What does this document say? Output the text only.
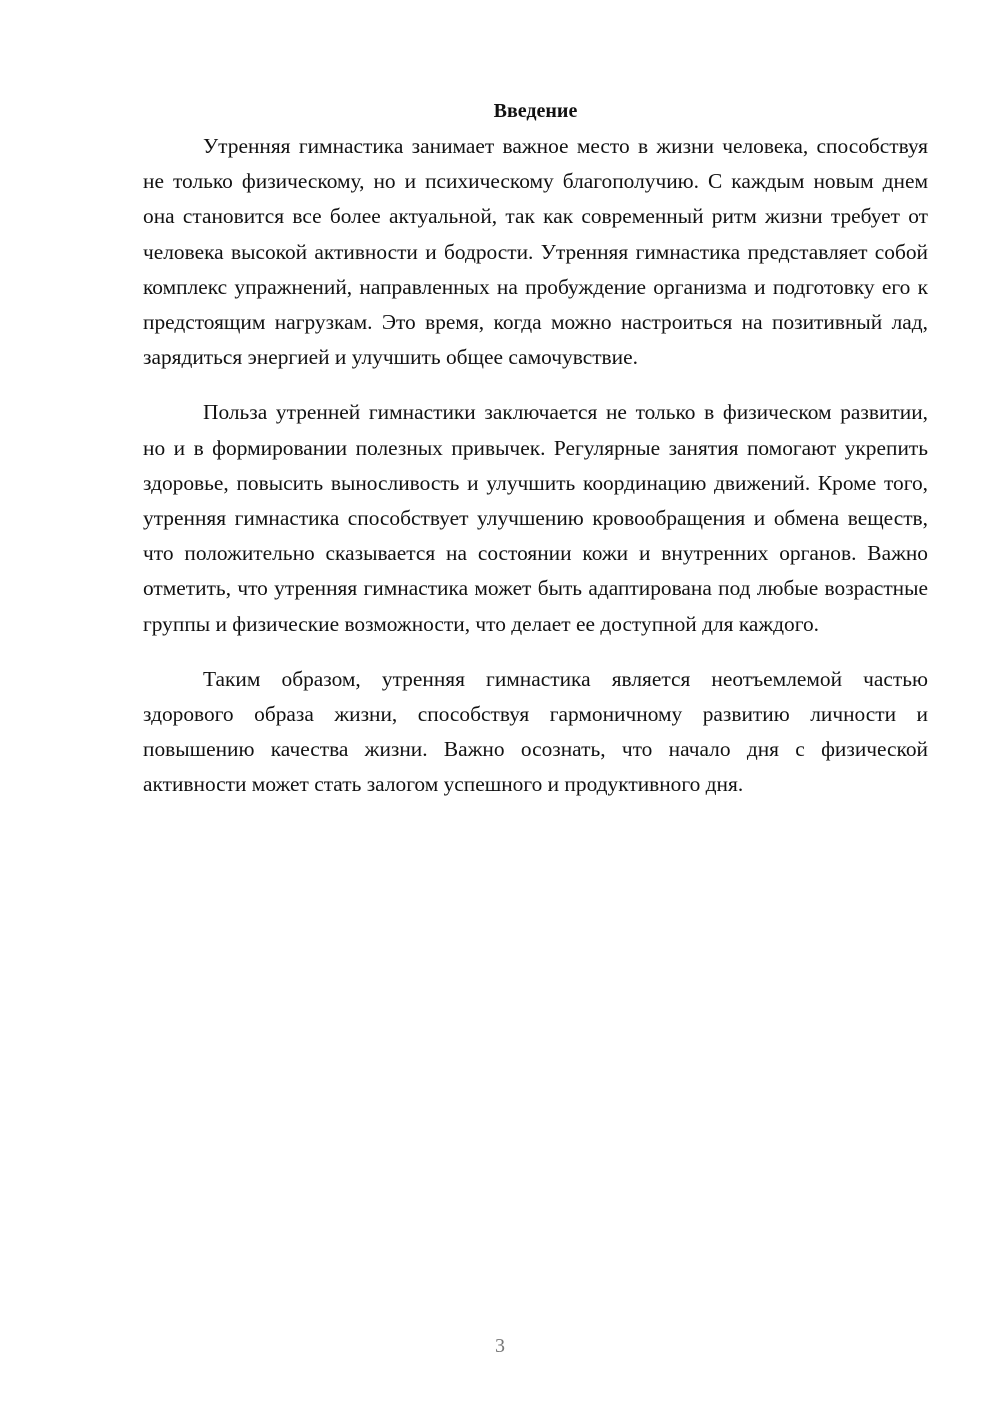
Введение

Утренняя гимнастика занимает важное место в жизни человека, способствуя не только физическому, но и психическому благополучию. С каждым новым днем она становится все более актуальной, так как современный ритм жизни требует от человека высокой активности и бодрости. Утренняя гимнастика представляет собой комплекс упражнений, направленных на пробуждение организма и подготовку его к предстоящим нагрузкам. Это время, когда можно настроиться на позитивный лад, зарядиться энергией и улучшить общее самочувствие.

Польза утренней гимнастики заключается не только в физическом развитии, но и в формировании полезных привычек. Регулярные занятия помогают укрепить здоровье, повысить выносливость и улучшить координацию движений. Кроме того, утренняя гимнастика способствует улучшению кровообращения и обмена веществ, что положительно сказывается на состоянии кожи и внутренних органов. Важно отметить, что утренняя гимнастика может быть адаптирована под любые возрастные группы и физические возможности, что делает ее доступной для каждого.

Таким образом, утренняя гимнастика является неотъемлемой частью здорового образа жизни, способствуя гармоничному развитию личности и повышению качества жизни. Важно осознать, что начало дня с физической активности может стать залогом успешного и продуктивного дня.

3
